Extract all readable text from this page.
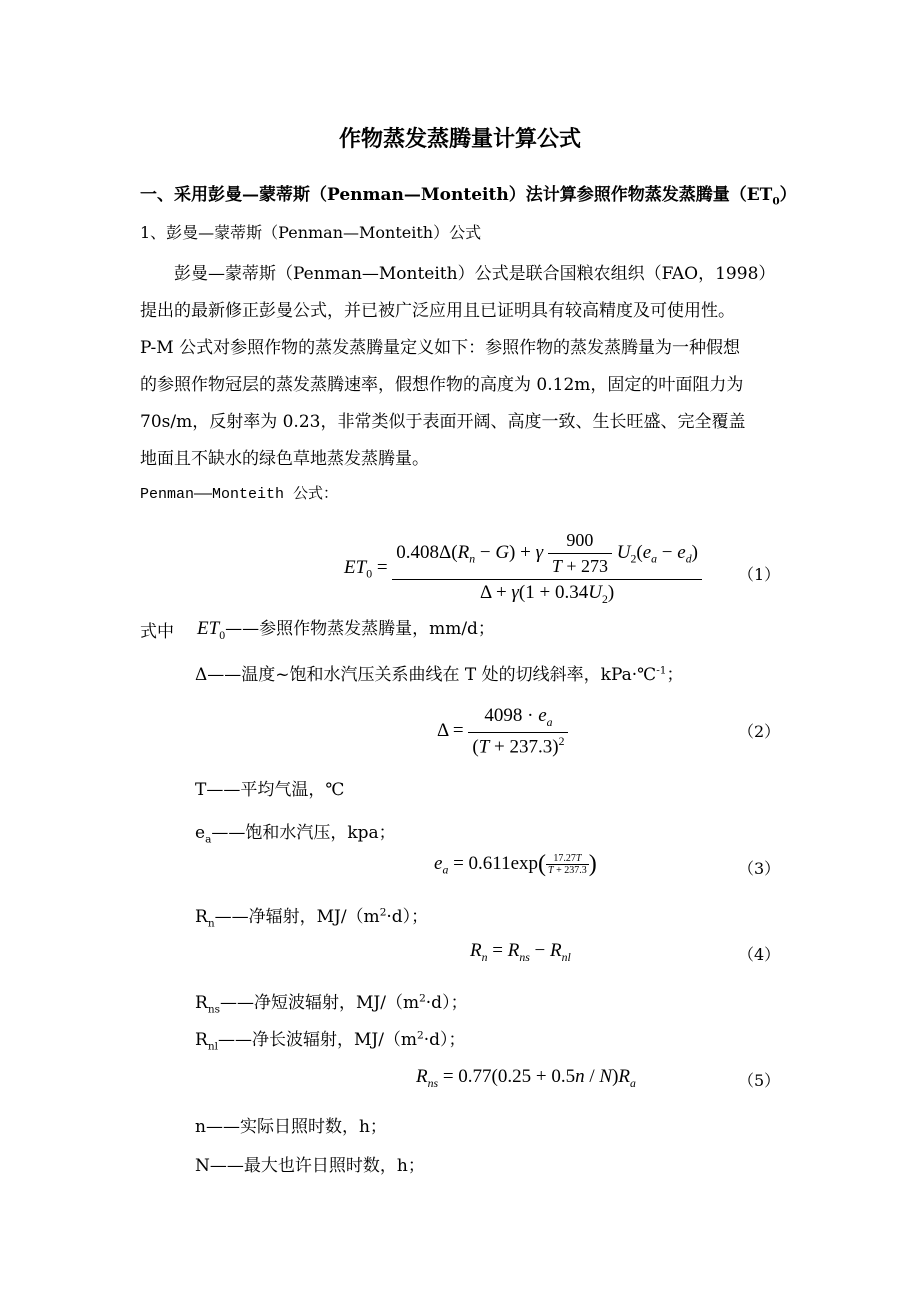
作物蒸发蒸腾量计算公式
一、采用彭曼—蒙蒂斯（Penman—Monteith）法计算参照作物蒸发蒸腾量$(ET_0)$
1、彭曼—蒙蒂斯（Penman—Monteith）公式
彭曼—蒙蒂斯（Penman—Monteith）公式是联合国粮农组织（FAO，1998）
提出的最新修正彭曼公式，并已被广泛应用且已证明具有较高精度及可使用性。
P-M 公式对参照作物的蒸发蒸腾量定义如下：参照作物的蒸发蒸腾量为一种假想
的参照作物冠层的蒸发蒸腾速率，假想作物的高度为 0.12m，固定的叶面阻力为
70s/m，反射率为 0.23，非常类似于表面开阔、高度一致、生长旺盛、完全覆盖
地面且不缺水的绿色草地蒸发蒸腾量。
Penman——Monteith 公式：
$ET_0 = \frac{0.408\Delta(R_n - G) + \gamma \frac{900}{T + 273} U_2(e_a - e_d)}{\Delta + \gamma(1 + 0.34U_2)} (1)$
式中 $ET_0——$参照作物蒸发蒸腾量，mm/d；
Δ——温度~饱和水汽压关系曲线在 T 处的切线斜率，kPa·℃$^{-1}$；
$\Delta = \frac{4098 \cdot e_a}{(T + 237.3)^2}$	（2）
T——平均气温，℃
$e_a——$饱和水汽压，kpa；
$e_a = 0.611\exp( \frac{17.27T}{T + 237.3}$ )	（3）
$R_n——$净辐射，$MJ/(m^2\cdot d)$；
$R_n = R_{ns} - R_{nl}$	（4）
$R_{ns}——$净短波辐射，$MJ/(m^2\cdot d)$；
$R_{nl}——$净长波辐射，$MJ/(m^2\cdot d)$；
$R_{ns} = 0.77(0.25 + 0.5n / N)R_a$	（5）
n——实际日照时数，h；
N——最大也许日照时数，h；
